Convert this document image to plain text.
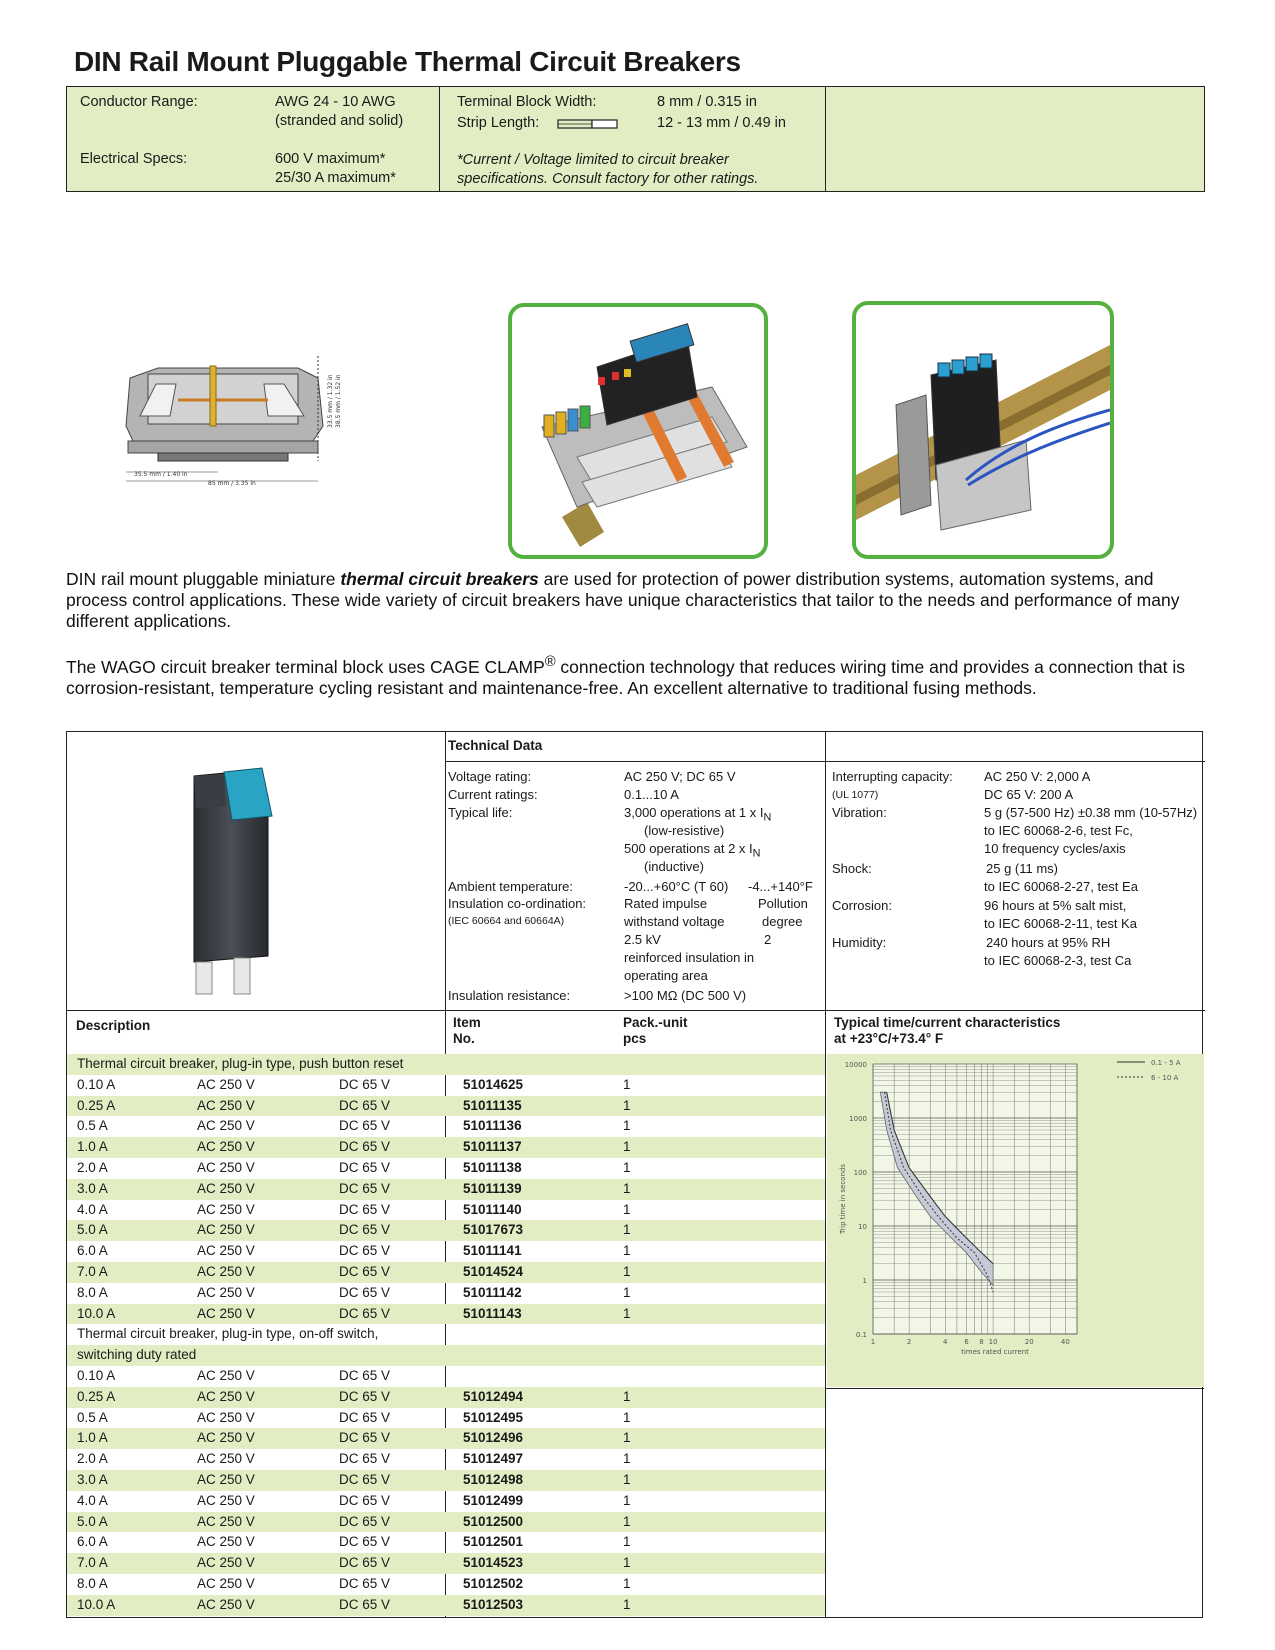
DIN Rail Mount Pluggable Thermal Circuit Breakers
Conductor Range:	AWG 24 - 10 AWG
(stranded and solid)
Electrical Specs:	600 V maximum*
25/30 A maximum*
Terminal Block Width:	8 mm / 0.315 in
Strip Length:	12 - 13 mm / 0.49 in
*Current / Voltage limited to circuit breaker
specifications. Consult factory for other ratings.
33.5 mm / 1.32 in 38.5 mm / 1.52 in
35.5 mm / 1.40 in
85 mm / 3.35 in
DIN rail mount pluggable miniature thermal circuit breakers are used for protection of power distribution systems, automation systems, and process control applications. These wide variety of circuit breakers have unique characteristics that tailor to the needs and performance of many different applications.
The WAGO circuit breaker terminal block uses CAGE CLAMP® connection technology that reduces wiring time and provides a connection that is corrosion-resistant, temperature cycling resistant and maintenance-free. An excellent alternative to traditional fusing methods.
Technical Data
Voltage rating:	AC 250 V; DC 65 V
Current ratings:	0.1...10 A
Typical life:	3,000 operations at 1 x $I_N$
(low-resistive)
500 operations at 2 x $I_N$
(inductive)
Ambient temperature:	-20...+60°C (T 60) -4...+140°F
Insulation co-ordination:
(IEC 60664 and 60664A)
Rated impulse
withstand voltage
2.5 kV
reinforced insulation in
operating area
Pollution
degree
2
Insulation resistance:	>100 MΩ (DC 500 V)
Interrupting capacity:
(UL 1077)
AC 250 V: 2,000 A
DC 65 V: 200 A
Vibration:	5 g (57-500 Hz) ±0.38 mm (10-57Hz)
to IEC 60068-2-6, test Fc,
10 frequency cycles/axis
Shock:	25 g (11 ms)
to IEC 60068-2-27, test Ea
Corrosion:	96 hours at 5% salt mist,
to IEC 60068-2-11, test Ka
Humidity:	240 hours at 95% RH
to IEC 60068-2-3, test Ca
Description	Item
No.
Pack.-unit
pcs
Typical time/current characteristics
at +23°C/+73.4° F
Thermal circuit breaker, plug-in type, push button reset
0.10 A	AC 250 V	DC 65 V	51014625	1
0.25 A	AC 250 V	DC 65 V	51011135	1
0.5 A	AC 250 V	DC 65 V	51011136	1
1.0 A	AC 250 V	DC 65 V	51011137	1
2.0 A	AC 250 V	DC 65 V	51011138	1
3.0 A	AC 250 V	DC 65 V	51011139	1
4.0 A	AC 250 V	DC 65 V	51011140	1
5.0 A	AC 250 V	DC 65 V	51017673	1
6.0 A	AC 250 V	DC 65 V	51011141	1
7.0 A	AC 250 V	DC 65 V	51014524	1
8.0 A	AC 250 V	DC 65 V	51011142	1
10.0 A	AC 250 V	DC 65 V	51011143	1
Thermal circuit breaker, plug-in type, on-off switch,
switching duty rated
0.10 A	AC 250 V	DC 65 V
0.25 A	AC 250 V	DC 65 V	51012494	1
0.5 A	AC 250 V	DC 65 V	51012495	1
1.0 A	AC 250 V	DC 65 V	51012496	1
2.0 A	AC 250 V	DC 65 V	51012497	1
3.0 A	AC 250 V	DC 65 V	51012498	1
4.0 A	AC 250 V	DC 65 V	51012499	1
5.0 A	AC 250 V	DC 65 V	51012500	1
6.0 A	AC 250 V	DC 65 V	51012501	1
7.0 A	AC 250 V	DC 65 V	51014523	1
8.0 A	AC 250 V	DC 65 V	51012502	1
10.0 A	AC 250 V	DC 65 V	51012503	1
10000
1000
100
10
1
0.1
1	2	4 6 8 10	20	40
Trip time in seconds
times rated current
0.1 - 5 A
6 - 10 A
